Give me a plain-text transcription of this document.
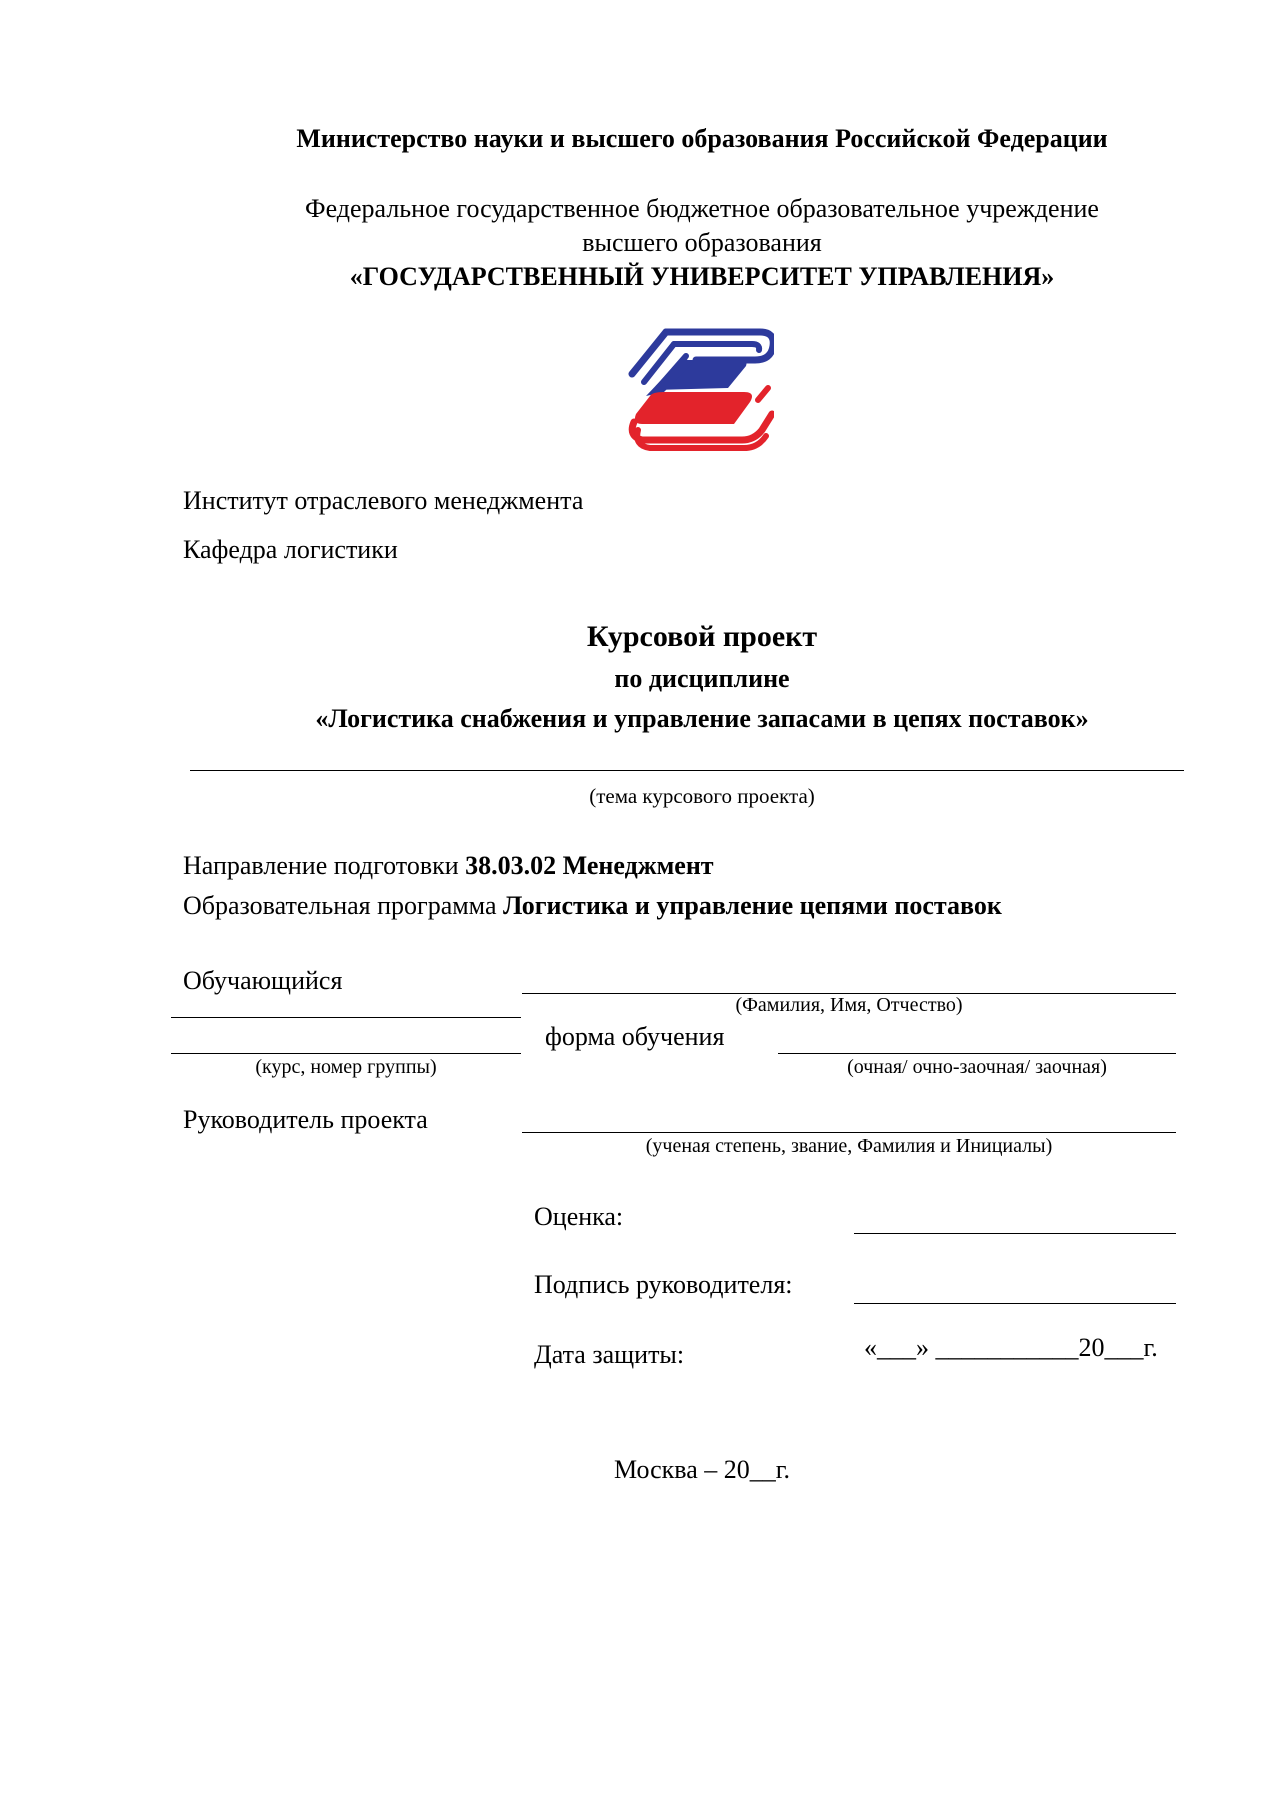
Министерство науки и высшего образования Российской Федерации
Федеральное государственное бюджетное образовательное учреждение
высшего образования
«ГОСУДАРСТВЕННЫЙ УНИВЕРСИТЕТ УПРАВЛЕНИЯ»
Институт отраслевого менеджмента
Кафедра логистики
Курсовой проект
по дисциплине
«Логистика снабжения и управление запасами в цепях поставок»
(тема курсового проекта)
Направление подготовки 38.03.02 Менеджмент
Образовательная программа Логистика и управление цепями поставок
Обучающийся
(Фамилия, Имя, Отчество)
(курс, номер группы)
форма обучения
(очная/ очно-заочная/ заочная)
Руководитель проекта
(ученая степень, звание, Фамилия и Инициалы)
Оценка:
Подпись руководителя:
Дата защиты:	«___» ___________20___г.
Москва – 20__г.
